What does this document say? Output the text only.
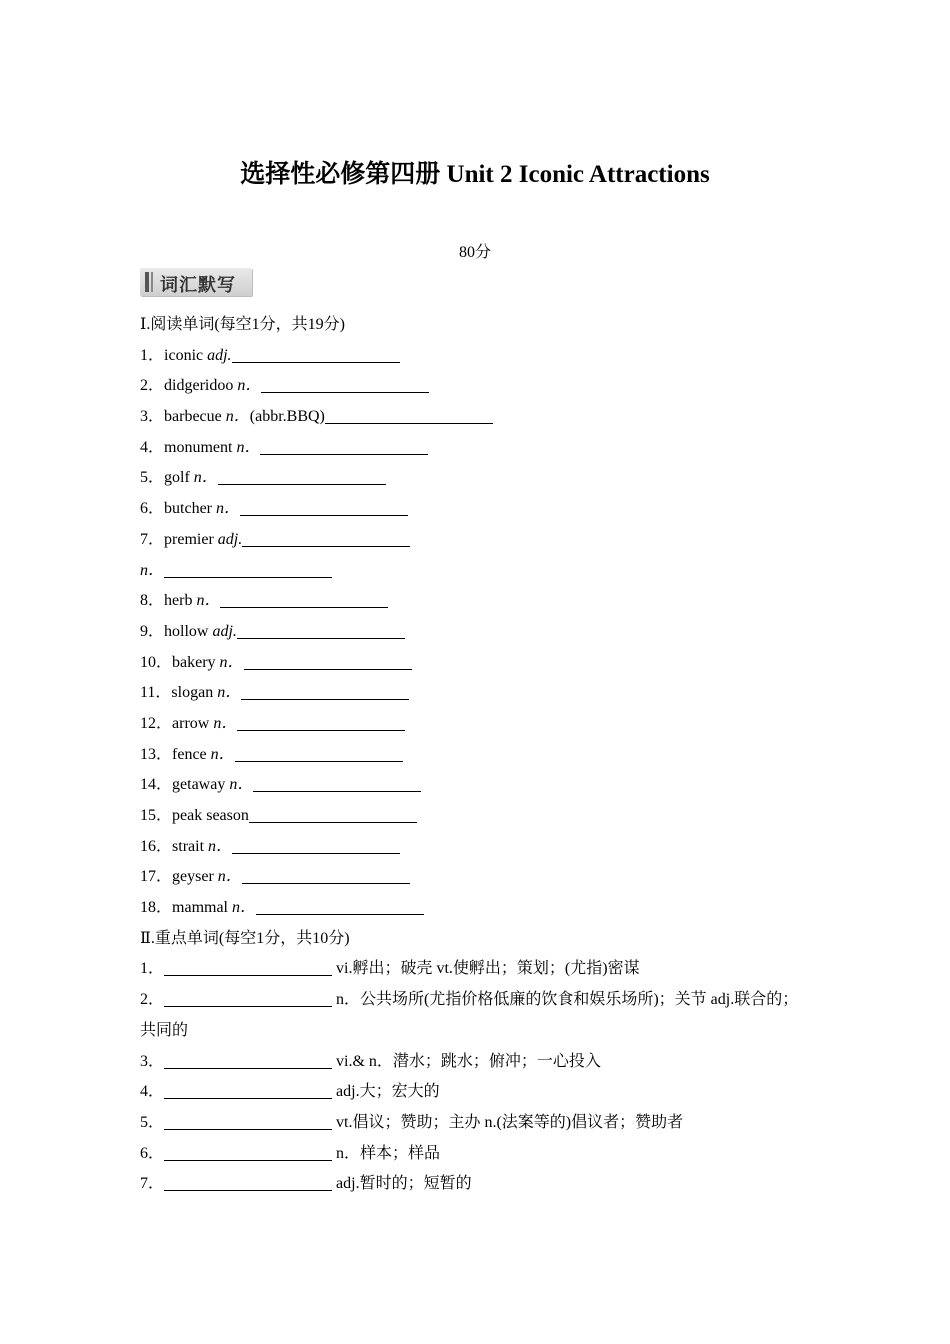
选择性必修第四册 Unit 2 Iconic Attractions
80分
词汇默写
Ⅰ.阅读单词(每空1分，共19分)
1．iconic adj.
2．didgeridoo n．
3．barbecue n．(abbr.BBQ)
4．monument n．
5．golf n．
6．butcher n．
7．premier adj.
n．
8．herb n．
9．hollow adj.
10．bakery n．
11．slogan n．
12．arrow n．
13．fence n．
14．getaway n．
15．peak season
16．strait n．
17．geyser n．
18．mammal n．
Ⅱ.重点单词(每空1分，共10分)
1．	vi.孵出；破壳 vt.使孵出；策划；(尤指)密谋
2．	n．公共场所(尤指价格低廉的饮食和娱乐场所)；关节 adj.联合的；
共同的
3．	vi.& n．潜水；跳水；俯冲；一心投入
4．	adj.大；宏大的
5．	vt.倡议；赞助；主办 n.(法案等的)倡议者；赞助者
6．	n．样本；样品
7．	adj.暂时的；短暂的
